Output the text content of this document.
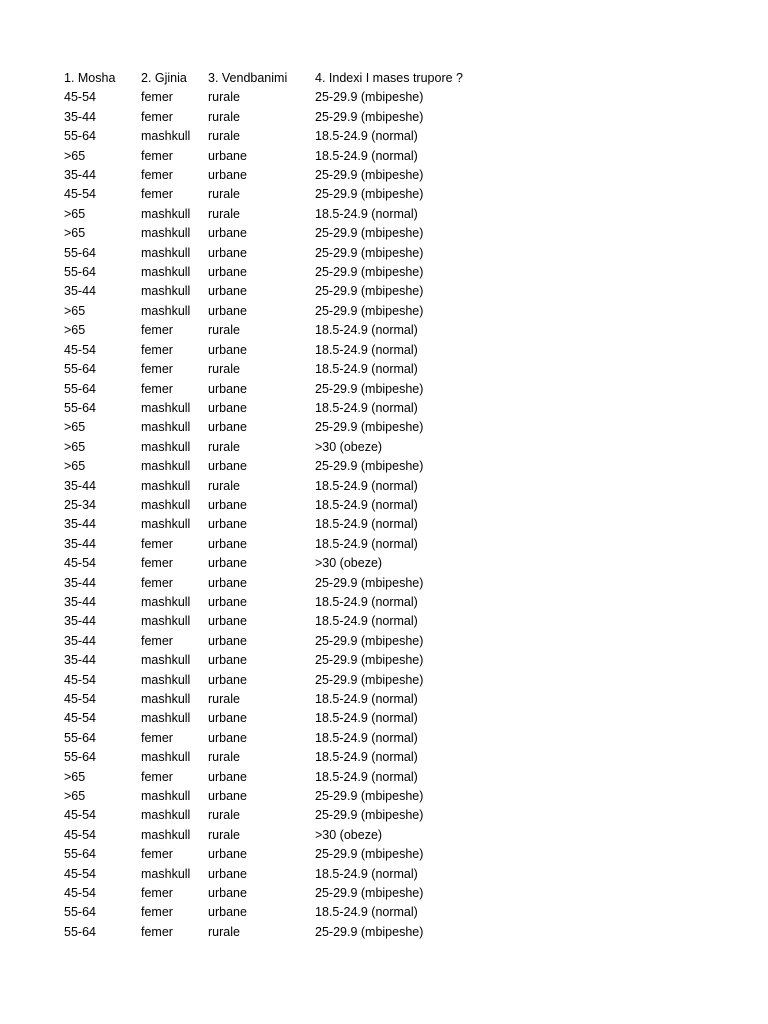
1. Mosha	2. Gjinia	3. Vendbanimi	4. Indexi I mases trupore ?
45-54	femer	rurale	25-29.9 (mbipeshe)
35-44	femer	rurale	25-29.9 (mbipeshe)
55-64	mashkull	rurale	18.5-24.9 (normal)
>65	femer	urbane	18.5-24.9 (normal)
35-44	femer	urbane	25-29.9 (mbipeshe)
45-54	femer	rurale	25-29.9 (mbipeshe)
>65	mashkull	rurale	18.5-24.9 (normal)
>65	mashkull	urbane	25-29.9 (mbipeshe)
55-64	mashkull	urbane	25-29.9 (mbipeshe)
55-64	mashkull	urbane	25-29.9 (mbipeshe)
35-44	mashkull	urbane	25-29.9 (mbipeshe)
>65	mashkull	urbane	25-29.9 (mbipeshe)
>65	femer	rurale	18.5-24.9 (normal)
45-54	femer	urbane	18.5-24.9 (normal)
55-64	femer	rurale	18.5-24.9 (normal)
55-64	femer	urbane	25-29.9 (mbipeshe)
55-64	mashkull	urbane	18.5-24.9 (normal)
>65	mashkull	urbane	25-29.9 (mbipeshe)
>65	mashkull	rurale	>30 (obeze)
>65	mashkull	urbane	25-29.9 (mbipeshe)
35-44	mashkull	rurale	18.5-24.9 (normal)
25-34	mashkull	urbane	18.5-24.9 (normal)
35-44	mashkull	urbane	18.5-24.9 (normal)
35-44	femer	urbane	18.5-24.9 (normal)
45-54	femer	urbane	>30 (obeze)
35-44	femer	urbane	25-29.9 (mbipeshe)
35-44	mashkull	urbane	18.5-24.9 (normal)
35-44	mashkull	urbane	18.5-24.9 (normal)
35-44	femer	urbane	25-29.9 (mbipeshe)
35-44	mashkull	urbane	25-29.9 (mbipeshe)
45-54	mashkull	urbane	25-29.9 (mbipeshe)
45-54	mashkull	rurale	18.5-24.9 (normal)
45-54	mashkull	urbane	18.5-24.9 (normal)
55-64	femer	urbane	18.5-24.9 (normal)
55-64	mashkull	rurale	18.5-24.9 (normal)
>65	femer	urbane	18.5-24.9 (normal)
>65	mashkull	urbane	25-29.9 (mbipeshe)
45-54	mashkull	rurale	25-29.9 (mbipeshe)
45-54	mashkull	rurale	>30 (obeze)
55-64	femer	urbane	25-29.9 (mbipeshe)
45-54	mashkull	urbane	18.5-24.9 (normal)
45-54	femer	urbane	25-29.9 (mbipeshe)
55-64	femer	urbane	18.5-24.9 (normal)
55-64	femer	rurale	25-29.9 (mbipeshe)
